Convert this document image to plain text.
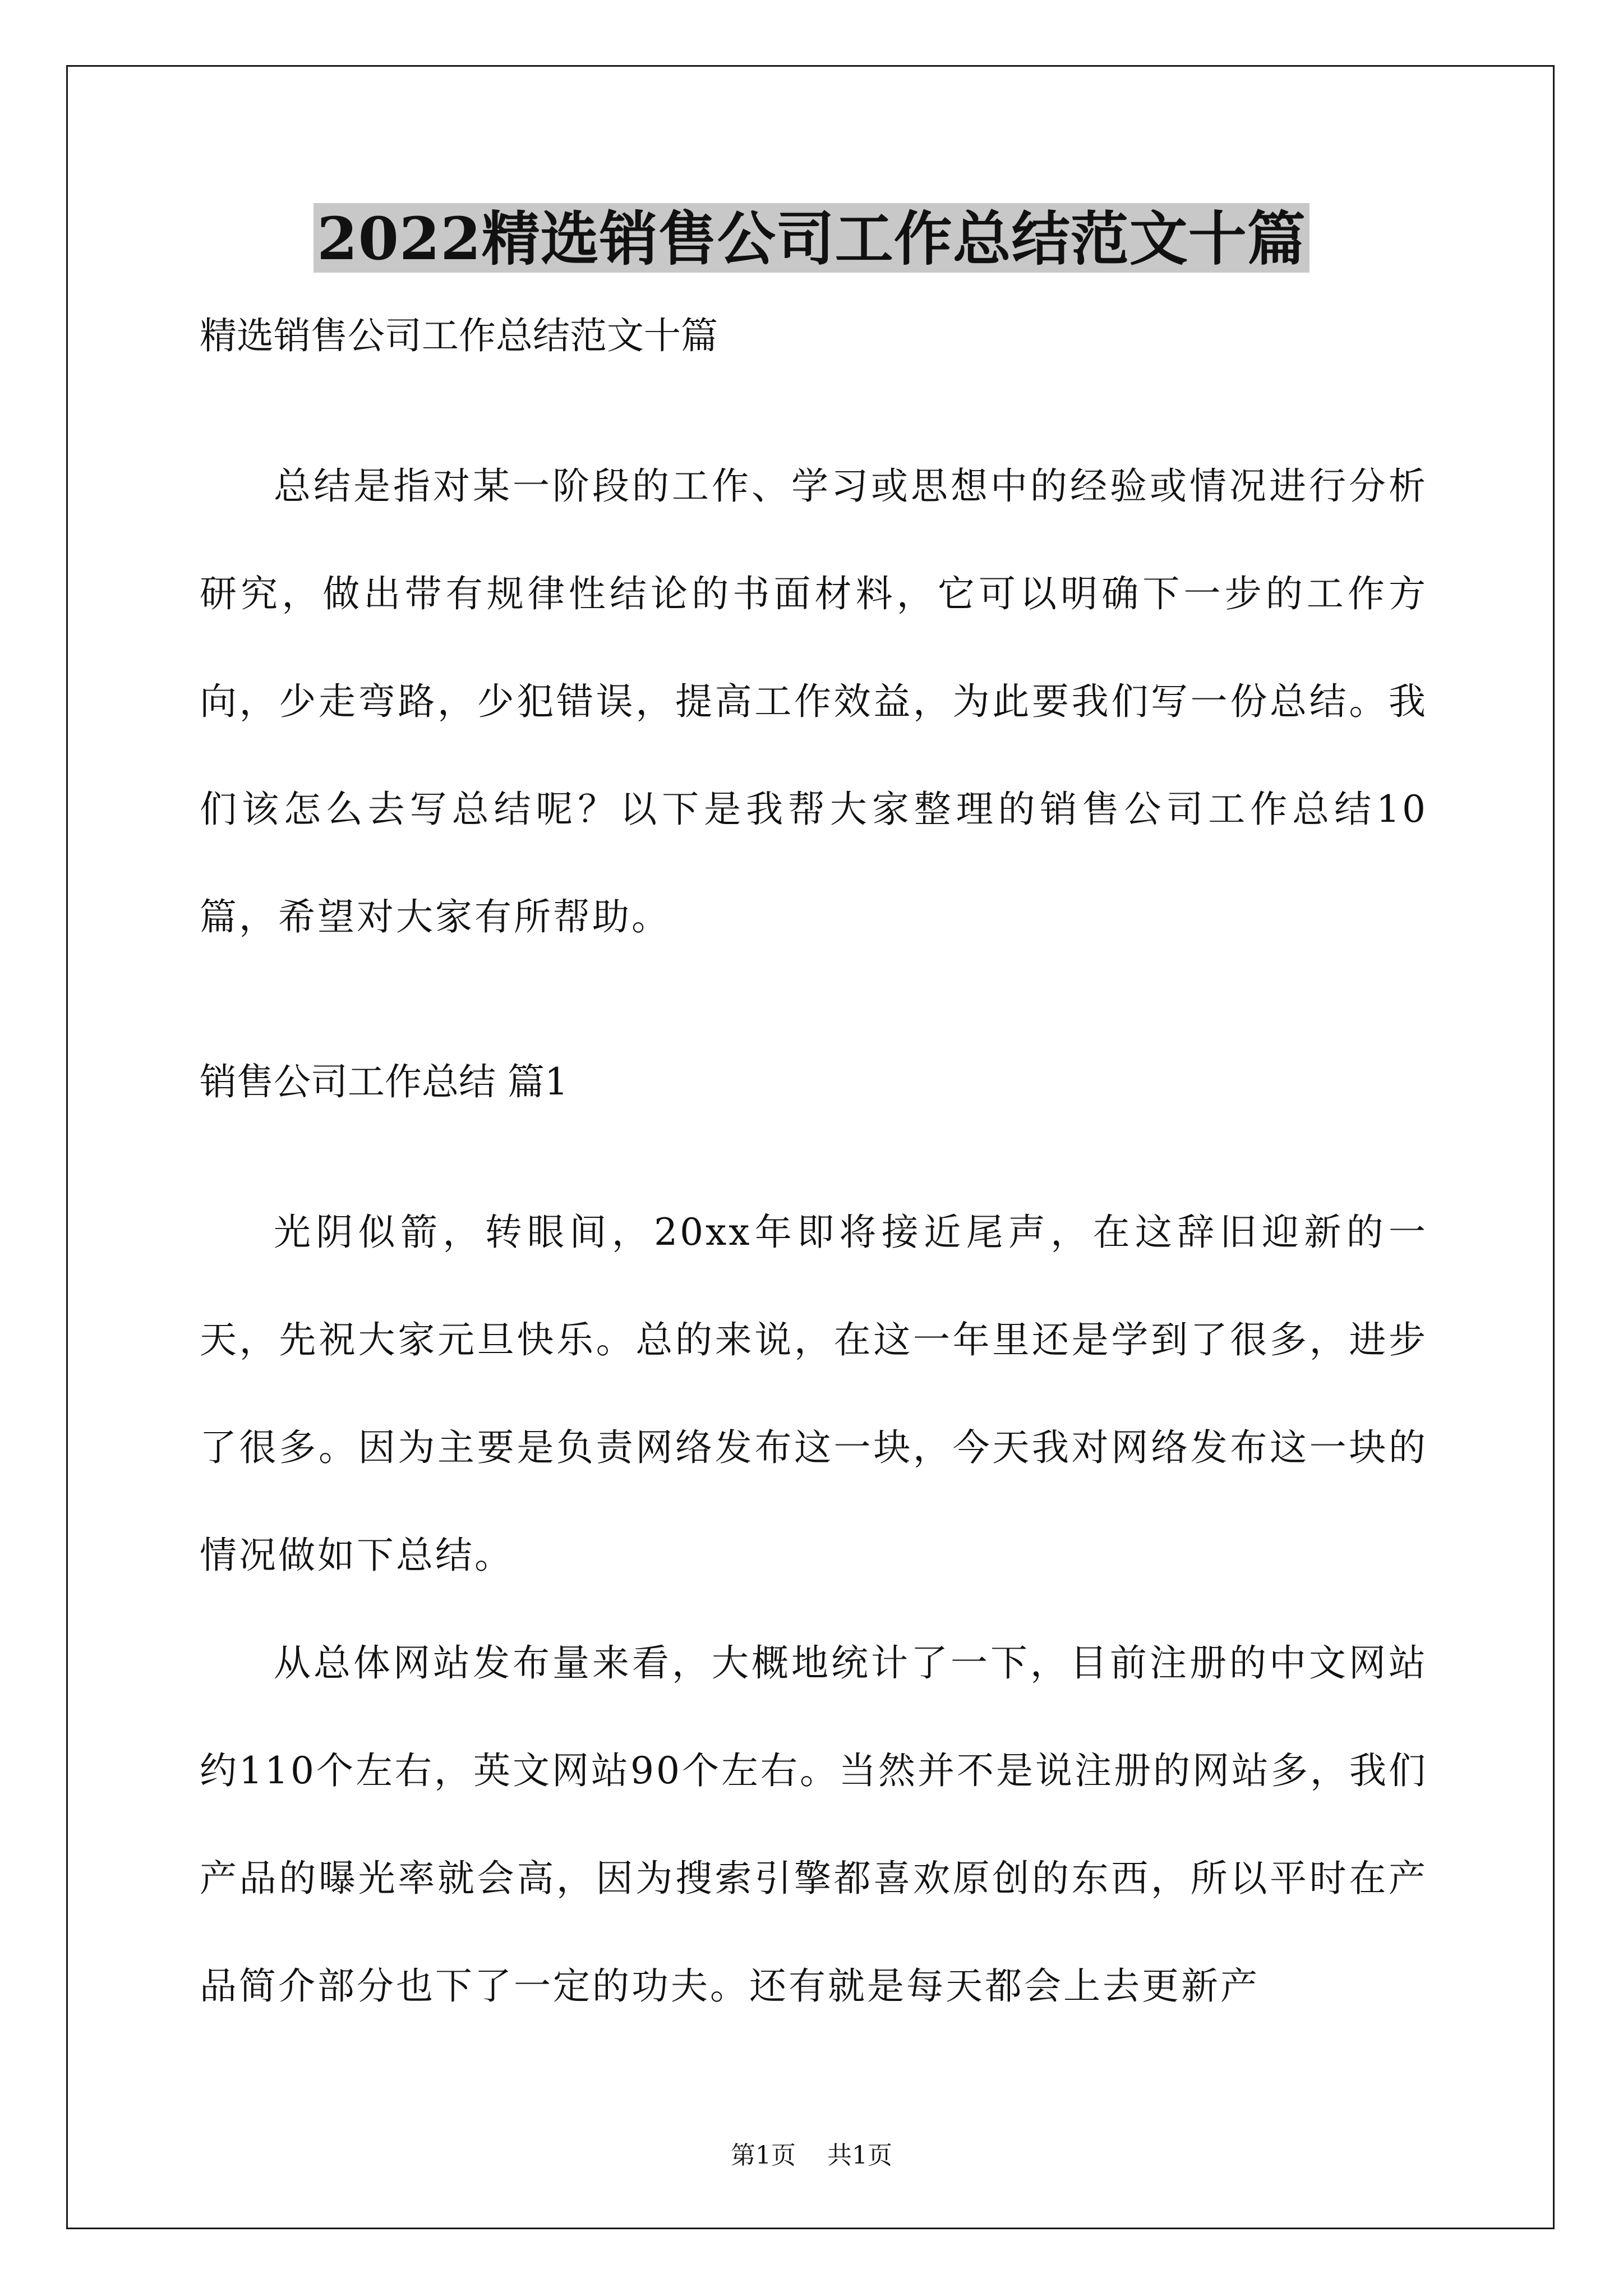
2022精选销售公司工作总结范文十篇
精选销售公司工作总结范文十篇

总结是指对某一阶段的工作、学习或思想中的经验或情况进行分析研究，做出带有规律性结论的书面材料，它可以明确下一步的工作方向，少走弯路，少犯错误，提高工作效益，为此要我们写一份总结。我们该怎么去写总结呢？以下是我帮大家整理的销售公司工作总结10篇，希望对大家有所帮助。

销售公司工作总结 篇1

光阴似箭，转眼间，20xx年即将接近尾声，在这辞旧迎新的一天，先祝大家元旦快乐。总的来说，在这一年里还是学到了很多，进步了很多。因为主要是负责网络发布这一块，今天我对网络发布这一块的情况做如下总结。

从总体网站发布量来看，大概地统计了一下，目前注册的中文网站约110个左右，英文网站90个左右。当然并不是说注册的网站多，我们产品的曝光率就会高，因为搜索引擎都喜欢原创的东西，所以平时在产品简介部分也下了一定的功夫。还有就是每天都会上去更新产

第1页 共1页
